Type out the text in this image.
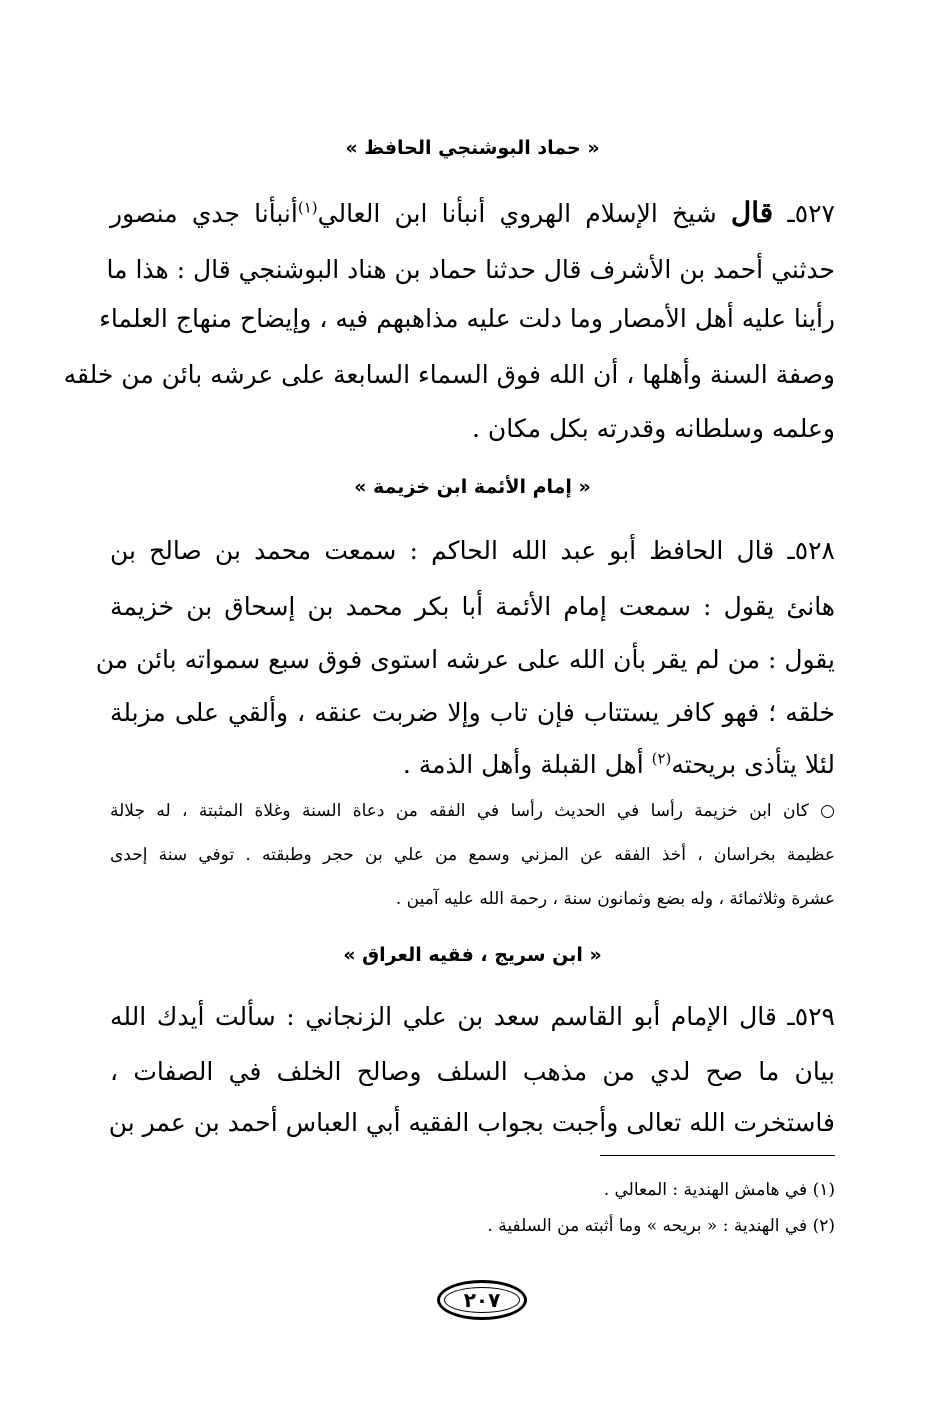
« حماد البوشنجي الحافظ »
٥٢٧ـ قال شيخ الإسلام الهروي أنبأنا ابن العالي$^{(١)}$أنبأنا جدي منصور
حدثني أحمد بن الأشرف قال حدثنا حماد بن هناد البوشنجي قال : هذا ما
رأينا عليه أهل الأمصار وما دلت عليه مذاهبهم فيه ، وإيضاح منهاج العلماء
وصفة السنة وأهلها ، أن الله فوق السماء السابعة على عرشه بائن من خلقه
وعلمه وسلطانه وقدرته بكل مكان .
« إمام الأئمة ابن خزيمة »
٥٢٨ـ قال الحافظ أبو عبد الله الحاكم : سمعت محمد بن صالح بن
هانئ يقول : سمعت إمام الأئمة أبا بكر محمد بن إسحاق بن خزيمة
يقول : من لم يقر بأن الله على عرشه استوى فوق سبع سمواته بائن من
خلقه ؛ فهو كافر يستتاب فإن تاب وإلا ضربت عنقه ، وألقي على مزبلة
لئلا يتأذى بريحته$^{(٢)}$ أهل القبلة وأهل الذمة .
○ كان ابن خزيمة رأسا في الحديث رأسا في الفقه من دعاة السنة وغلاة المثبتة ، له جلالة
عظيمة بخراسان ، أخذ الفقه عن المزني وسمع من علي بن حجر وطبقته . توفي سنة إحدى
عشرة وثلاثمائة ، وله بضع وثمانون سنة ، رحمة الله عليه آمين .
« ابن سريج ، فقيه العراق »
٥٢٩ـ قال الإمام أبو القاسم سعد بن علي الزنجاني : سألت أيدك الله
بيان ما صح لدي من مذهب السلف وصالح الخلف في الصفات ،
فاستخرت الله تعالى وأجبت بجواب الفقيه أبي العباس أحمد بن عمر بن
(١) في هامش الهندية : المعالي .
(٢) في الهندية : « بريحه » وما أثبته من السلفية .
٢٠٧
